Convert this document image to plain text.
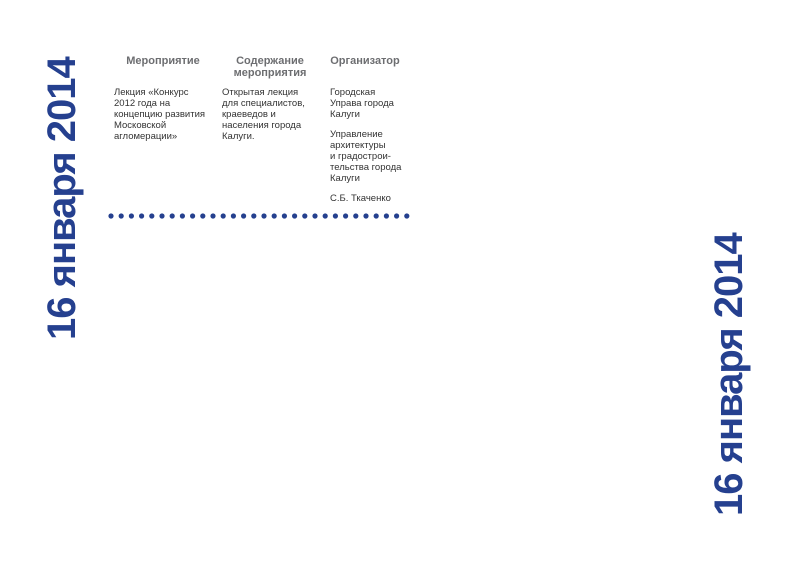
16 января 2014
16 января 2014
Мероприятие	Содержание
мероприятия
Организатор
Лекция «Конкурс
2012 года на
концепцию развития
Московской
агломерации»
Открытая лекция
для специалистов,
краеведов и
населения города
Калуги.

Городская
Управа города
Калуги

Управление
архитектуры
и градострои-
тельства города
Калуги

С.Б. Ткаченко
